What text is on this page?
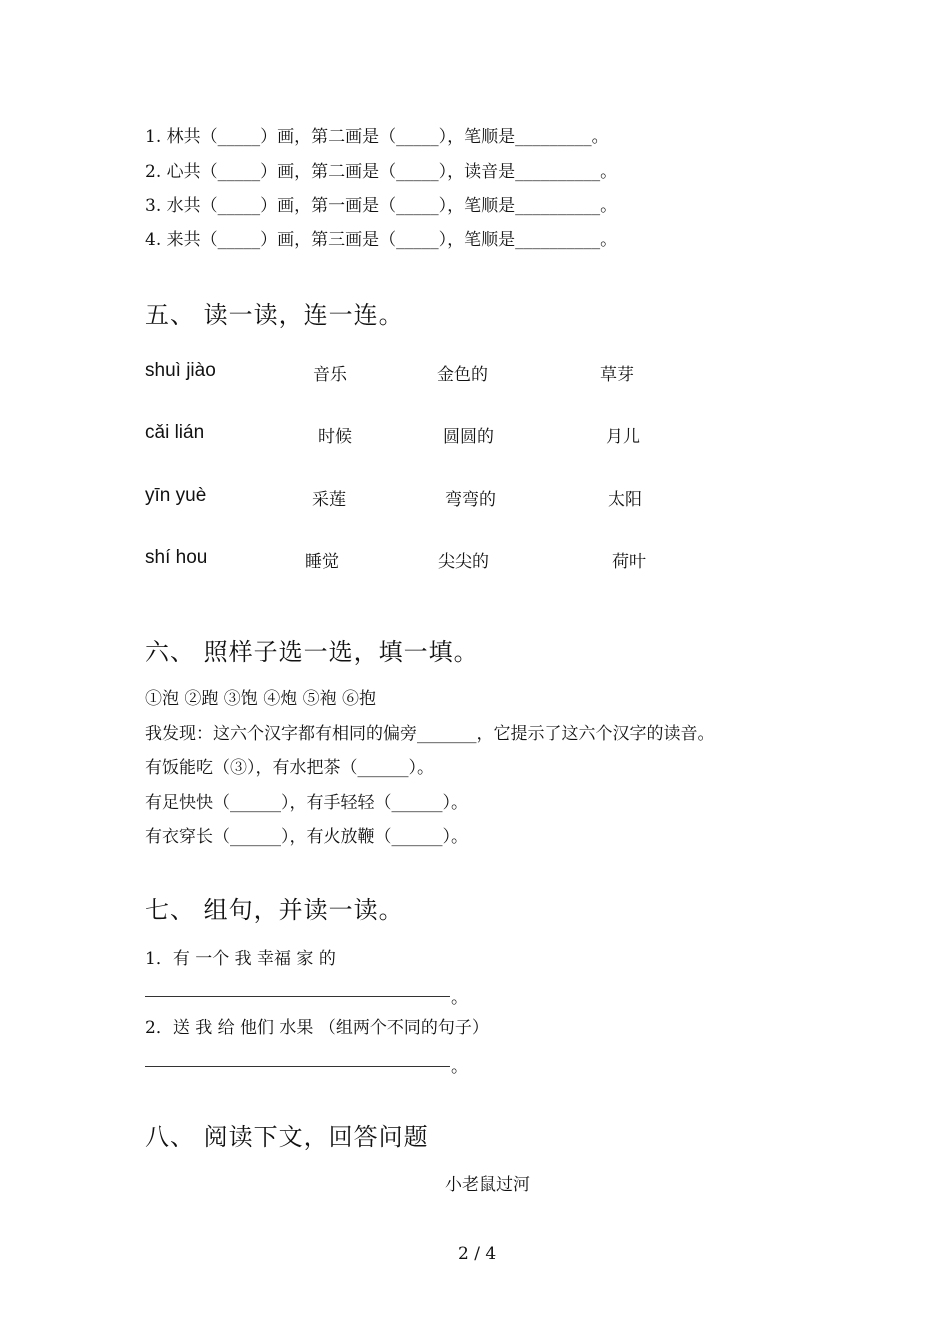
1. 林共（_____）画，第二画是（_____），笔顺是_________。
2. 心共（_____）画，第二画是（_____），读音是__________。
3. 水共（_____）画，第一画是（_____），笔顺是__________。
4. 来共（_____）画，第三画是（_____），笔顺是__________。
五、 读一读，连一连。
shuì jiào	音乐	金色的	草芽
cǎi lián	时候	圆圆的	月儿
yīn yuè	采莲	弯弯的	太阳
shí hou	睡觉	尖尖的	荷叶
六、 照样子选一选，填一填。
①泡 ②跑 ③饱 ④炮 ⑤袍 ⑥抱
我发现：这六个汉字都有相同的偏旁_______，它提示了这六个汉字的读音。
有饭能吃（③），有水把茶（______）。
有足快快（______），有手轻轻（______）。
有衣穿长（______），有火放鞭（______）。
七、 组句，并读一读。
1．有 一个 我 幸福 家 的
。
2．送 我 给 他们 水果 （组两个不同的句子）
。
八、 阅读下文，回答问题
小老鼠过河
2 / 4
